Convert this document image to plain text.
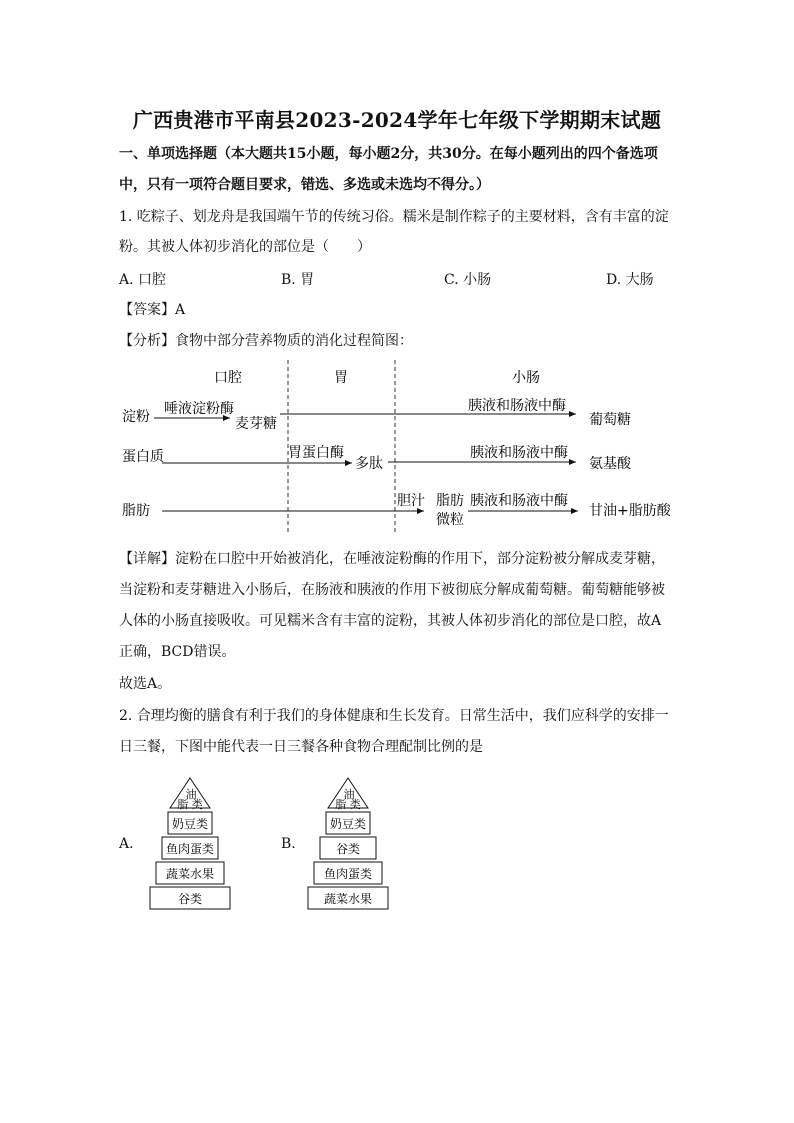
广西贵港市平南县2023-2024学年七年级下学期期末试题
一、单项选择题（本大题共15小题，每小题2分，共30分。在每小题列出的四个备选项
中，只有一项符合题目要求，错选、多选或未选均不得分。）
1. 吃粽子、划龙舟是我国端午节的传统习俗。糯米是制作粽子的主要材料，含有丰富的淀
粉。其被人体初步消化的部位是（　　）
A. 口腔	B. 胃	C. 小肠	D. 大肠
【答案】A
【分析】食物中部分营养物质的消化过程简图：
口腔	胃	小肠
淀粉 唾液淀粉酶
麦芽糖
胰液和肠液中酶
葡萄糖
蛋白质	胃蛋白酶
多肽
胰液和肠液中酶
氨基酸
脂肪
胆汁 脂肪
微粒
胰液和肠液中酶
甘油+脂肪酸
【详解】淀粉在口腔中开始被消化，在唾液淀粉酶的作用下，部分淀粉被分解成麦芽糖，
当淀粉和麦芽糖进入小肠后，在肠液和胰液的作用下被彻底分解成葡萄糖。葡萄糖能够被
人体的小肠直接吸收。可见糯米含有丰富的淀粉，其被人体初步消化的部位是口腔，故A
正确，BCD错误。
故选A。
2. 合理均衡的膳食有利于我们的身体健康和生长发育。日常生活中，我们应科学的安排一
日三餐，下图中能代表一日三餐各种食物合理配制比例的是
A.
油
脂 类
奶豆类
鱼肉蛋类
蔬菜水果
谷类
B.
油
脂 类
奶豆类
谷类
鱼肉蛋类
蔬菜水果
